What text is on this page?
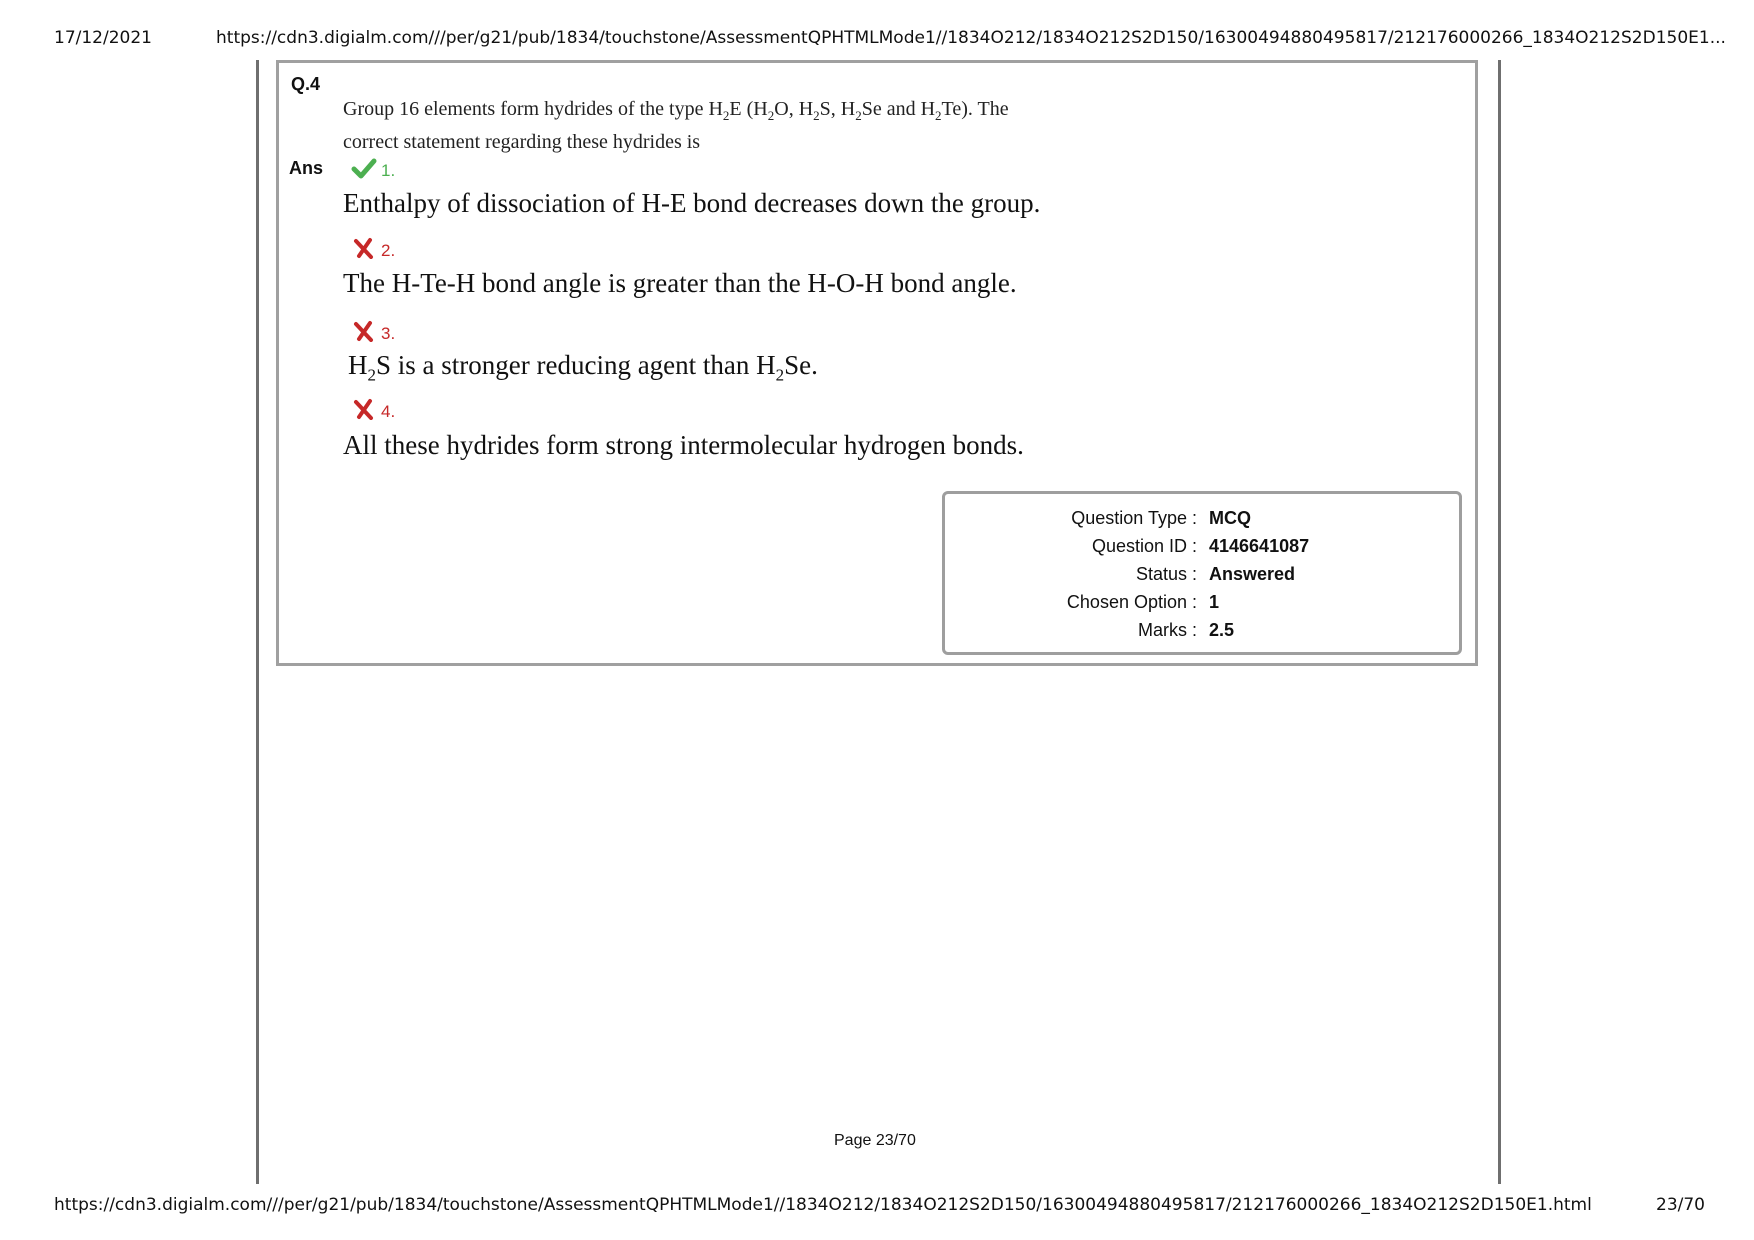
17/12/2021	https://cdn3.digialm.com///per/g21/pub/1834/touchstone/AssessmentQPHTMLMode1//1834O212/1834O212S2D150/16300494880495817/212176000266_1834O212S2D150E1...
Q.4
Group 16 elements form hydrides of the type $H_2E$ ($H_2O$, $H_2S$, $H_2Se$ and $H_2Te$). The
correct statement regarding these hydrides is
Ans	1.
Enthalpy of dissociation of H-E bond decreases down the group.
2.
The H-Te-H bond angle is greater than the H-O-H bond angle.
3.
$H_2S$ is a stronger reducing agent than $H_2Se$.
4.
All these hydrides form strong intermolecular hydrogen bonds.
Question Type : MCQ
Question ID : 4146641087
Status : Answered
Chosen Option : 1
Marks : 2.5
Page 23/70
https://cdn3.digialm.com///per/g21/pub/1834/touchstone/AssessmentQPHTMLMode1//1834O212/1834O212S2D150/16300494880495817/212176000266_1834O212S2D150E1.html	23/70
